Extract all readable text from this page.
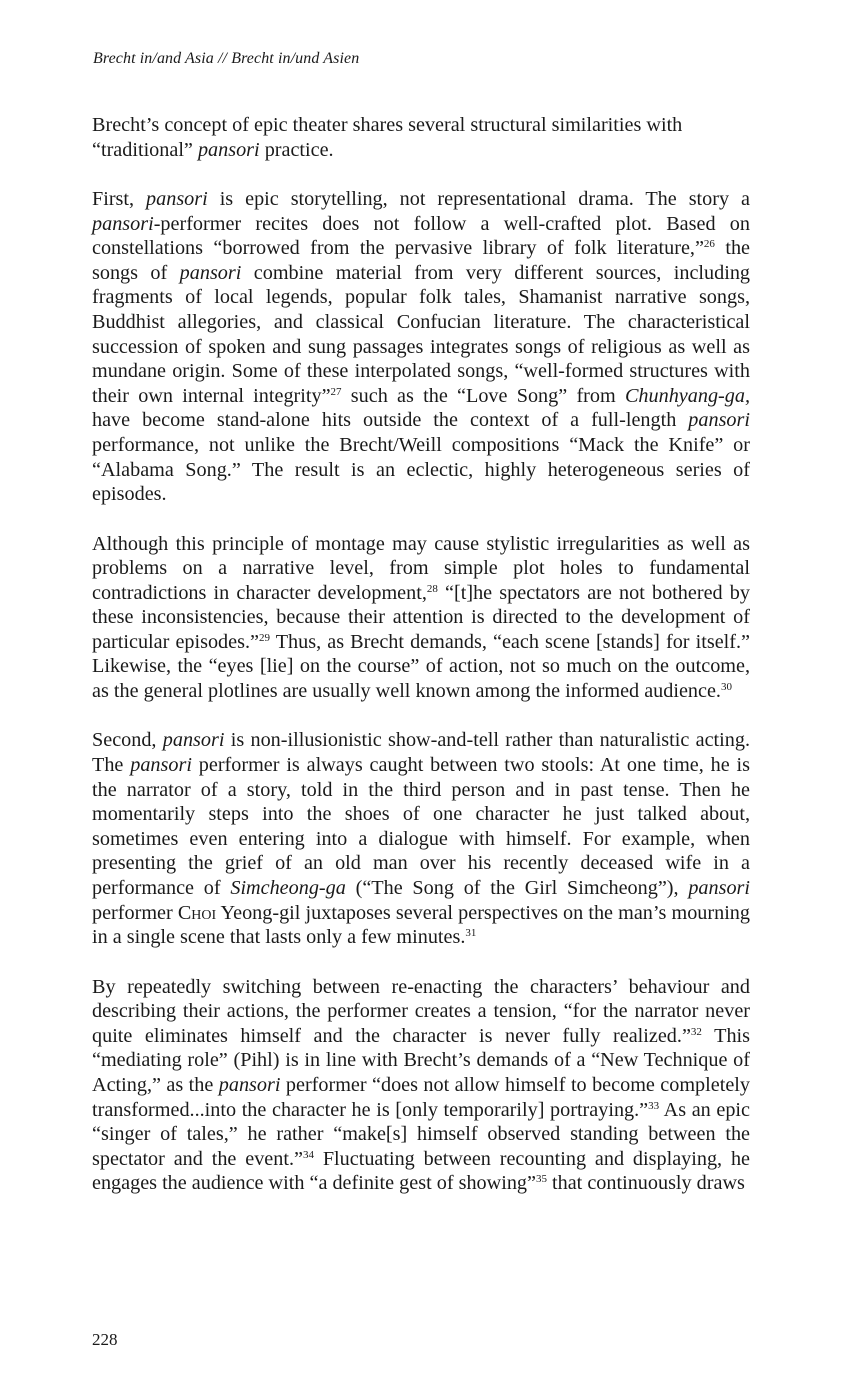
Brecht in/and Asia // Brecht in/und Asien

Brecht’s concept of epic theater shares several structural similarities with “traditional” pansori practice.

First, pansori is epic storytelling, not representational drama. The story a pansori-performer recites does not follow a well-crafted plot. Based on constellations “borrowed from the pervasive library of folk literature,”$^{26}$ the songs of pansori combine material from very different sources, including fragments of local legends, popular folk tales, Shamanist narrative songs, Buddhist allegories, and classical Confucian literature. The characteristical succession of spoken and sung passages integrates songs of religious as well as mundane origin. Some of these interpolated songs, “well-formed structures with their own internal integrity”$^{27}$ such as the “Love Song” from Chunhyang-ga, have become stand-alone hits outside the context of a full-length pansori performance, not unlike the Brecht/Weill compositions “Mack the Knife” or “Alabama Song.” The result is an eclectic, highly heterogeneous series of episodes.

Although this principle of montage may cause stylistic irregularities as well as problems on a narrative level, from simple plot holes to fundamental contradictions in character development,$^{28}$ “[t]he spectators are not bothered by these inconsistencies, because their attention is directed to the development of particular episodes.”$^{29}$ Thus, as Brecht demands, “each scene [stands] for itself.” Likewise, the “eyes [lie] on the course” of action, not so much on the outcome, as the general plotlines are usually well known among the informed audience.$^{30}$

Second, pansori is non-illusionistic show-and-tell rather than naturalistic acting. The pansori performer is always caught between two stools: At one time, he is the narrator of a story, told in the third person and in past tense. Then he momentarily steps into the shoes of one character he just talked about, sometimes even entering into a dialogue with himself. For example, when presenting the grief of an old man over his recently deceased wife in a performance of Simcheong-ga (“The Song of the Girl Simcheong”), pansori performer Choi Yeong-gil juxtaposes several perspectives on the man’s mourning in a single scene that lasts only a few minutes.$^{31}$

By repeatedly switching between re-enacting the characters’ behaviour and describing their actions, the performer creates a tension, “for the narrator never quite eliminates himself and the character is never fully realized.”$^{32}$ This “mediating role” (Pihl) is in line with Brecht’s demands of a “New Technique of Acting,” as the pansori performer “does not allow himself to become completely transformed...into the character he is [only temporarily] portraying.”$^{33}$ As an epic “singer of tales,” he rather “make[s] himself observed standing between the spectator and the event.”$^{34}$ Fluctuating between recounting and displaying, he engages the audience with “a definite gest of showing”$^{35}$ that continuously draws

228
